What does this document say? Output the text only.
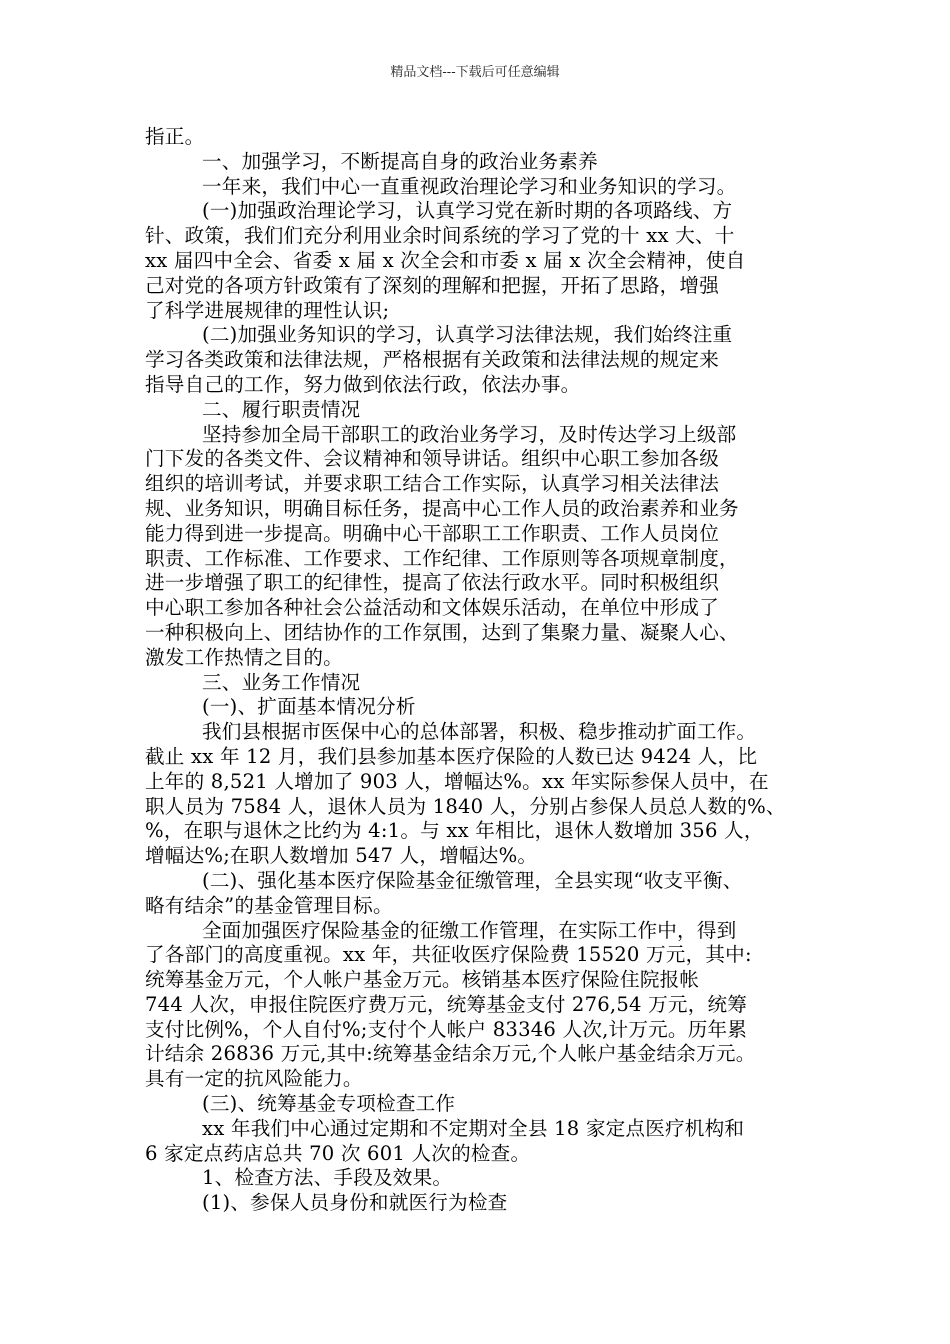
精品文档---下载后可任意编辑

指正。

一、加强学习，不断提高自身的政治业务素养

一年来，我们中心一直重视政治理论学习和业务知识的学习。

(一)加强政治理论学习，认真学习党在新时期的各项路线、方

针、政策，我们们充分利用业余时间系统的学习了党的十 xx 大、十

xx 届四中全会、省委 x 届 x 次全会和市委 x 届 x 次全会精神，使自

己对党的各项方针政策有了深刻的理解和把握，开拓了思路，增强

了科学进展规律的理性认识;

(二)加强业务知识的学习，认真学习法律法规，我们始终注重

学习各类政策和法律法规，严格根据有关政策和法律法规的规定来

指导自己的工作，努力做到依法行政，依法办事。

二、履行职责情况

坚持参加全局干部职工的政治业务学习，及时传达学习上级部

门下发的各类文件、会议精神和领导讲话。组织中心职工参加各级

组织的培训考试，并要求职工结合工作实际，认真学习相关法律法

规、业务知识，明确目标任务，提高中心工作人员的政治素养和业务

能力得到进一步提高。明确中心干部职工工作职责、工作人员岗位

职责、工作标准、工作要求、工作纪律、工作原则等各项规章制度，

进一步增强了职工的纪律性，提高了依法行政水平。同时积极组织

中心职工参加各种社会公益活动和文体娱乐活动，在单位中形成了

一种积极向上、团结协作的工作氛围，达到了集聚力量、凝聚人心、

激发工作热情之目的。

三、业务工作情况

(一)、扩面基本情况分析

我们县根据市医保中心的总体部署，积极、稳步推动扩面工作。

截止 xx 年 12 月，我们县参加基本医疗保险的人数已达 9424 人，比

上年的 8,521 人增加了 903 人，增幅达%。xx 年实际参保人员中，在

职人员为 7584 人，退休人员为 1840 人，分别占参保人员总人数的%、

%，在职与退休之比约为 4:1。与 xx 年相比，退休人数增加 356 人，

增幅达%;在职人数增加 547 人，增幅达%。

(二)、强化基本医疗保险基金征缴管理，全县实现“收支平衡、

略有结余”的基金管理目标。

全面加强医疗保险基金的征缴工作管理，在实际工作中，得到

了各部门的高度重视。xx 年，共征收医疗保险费 15520 万元，其中:

统筹基金万元，个人帐户基金万元。核销基本医疗保险住院报帐

744 人次，申报住院医疗费万元，统筹基金支付 276,54 万元，统筹

支付比例%，个人自付%;支付个人帐户 83346 人次,计万元。历年累

计结余 26836 万元,其中:统筹基金结余万元,个人帐户基金结余万元。

具有一定的抗风险能力。

(三)、统筹基金专项检查工作

xx 年我们中心通过定期和不定期对全县 18 家定点医疗机构和

6 家定点药店总共 70 次 601 人次的检查。

1、检查方法、手段及效果。

(1)、参保人员身份和就医行为检查
